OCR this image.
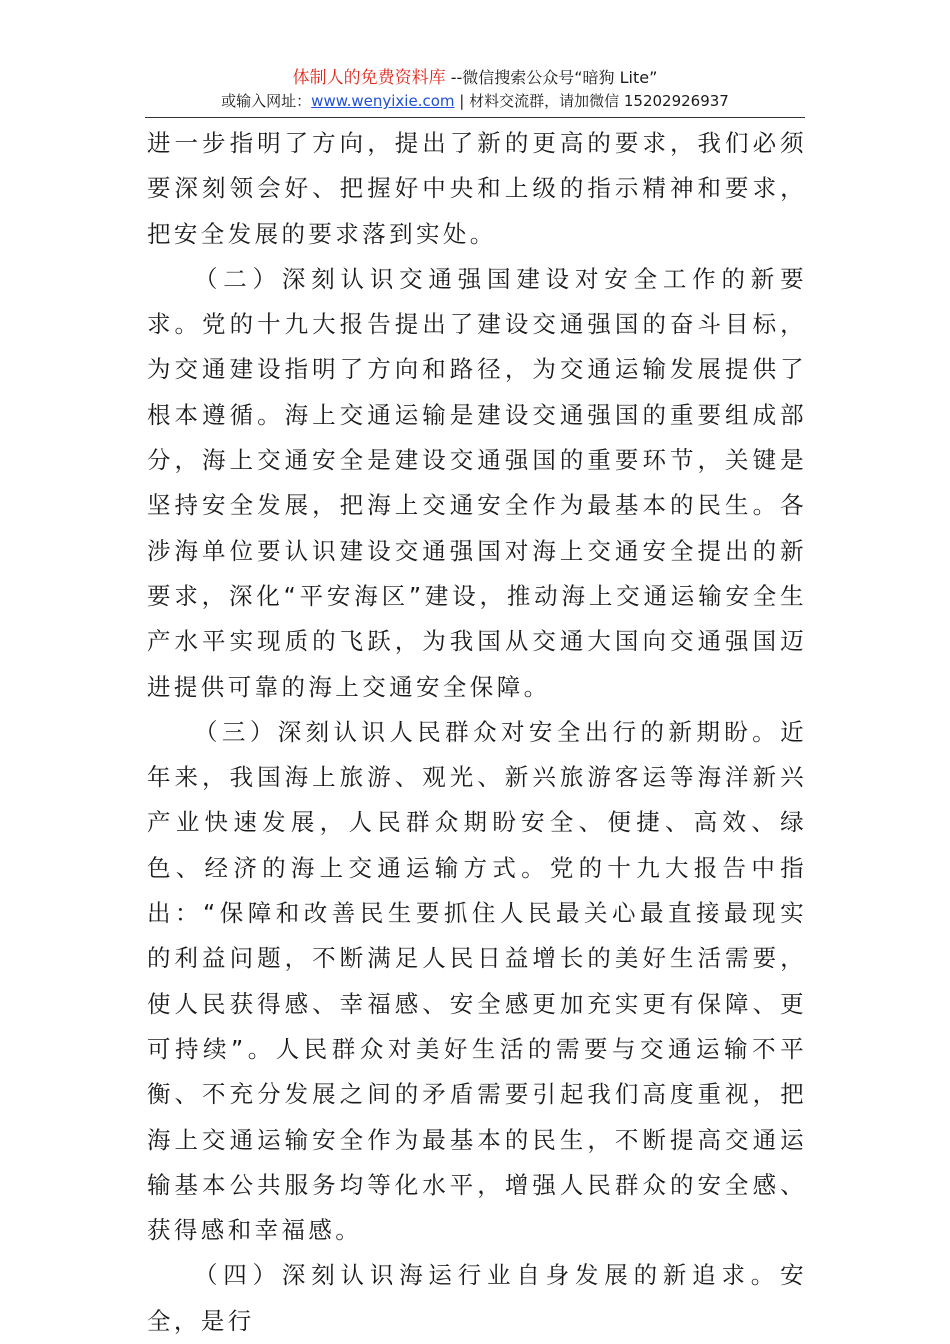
体制人的免费资料库 --微信搜索公众号“暗狗 Lite”
或输入网址：www.wenyixie.com | 材料交流群，请加微信 15202926937

进一步指明了方向，提出了新的更高的要求，我们必须要深刻领会好、把握好中央和上级的指示精神和要求，把安全发展的要求落到实处。

（二）深刻认识交通强国建设对安全工作的新要求。党的十九大报告提出了建设交通强国的奋斗目标，为交通建设指明了方向和路径，为交通运输发展提供了根本遵循。海上交通运输是建设交通强国的重要组成部分，海上交通安全是建设交通强国的重要环节，关键是坚持安全发展，把海上交通安全作为最基本的民生。各涉海单位要认识建设交通强国对海上交通安全提出的新要求，深化“平安海区”建设，推动海上交通运输安全生产水平实现质的飞跃，为我国从交通大国向交通强国迈进提供可靠的海上交通安全保障。

（三）深刻认识人民群众对安全出行的新期盼。近年来，我国海上旅游、观光、新兴旅游客运等海洋新兴产业快速发展，人民群众期盼安全、便捷、高效、绿色、经济的海上交通运输方式。党的十九大报告中指出：“保障和改善民生要抓住人民最关心最直接最现实的利益问题，不断满足人民日益增长的美好生活需要，使人民获得感、幸福感、安全感更加充实更有保障、更可持续”。人民群众对美好生活的需要与交通运输不平衡、不充分发展之间的矛盾需要引起我们高度重视，把海上交通运输安全作为最基本的民生，不断提高交通运输基本公共服务均等化水平，增强人民群众的安全感、获得感和幸福感。

（四）深刻认识海运行业自身发展的新追求。安全，是行
